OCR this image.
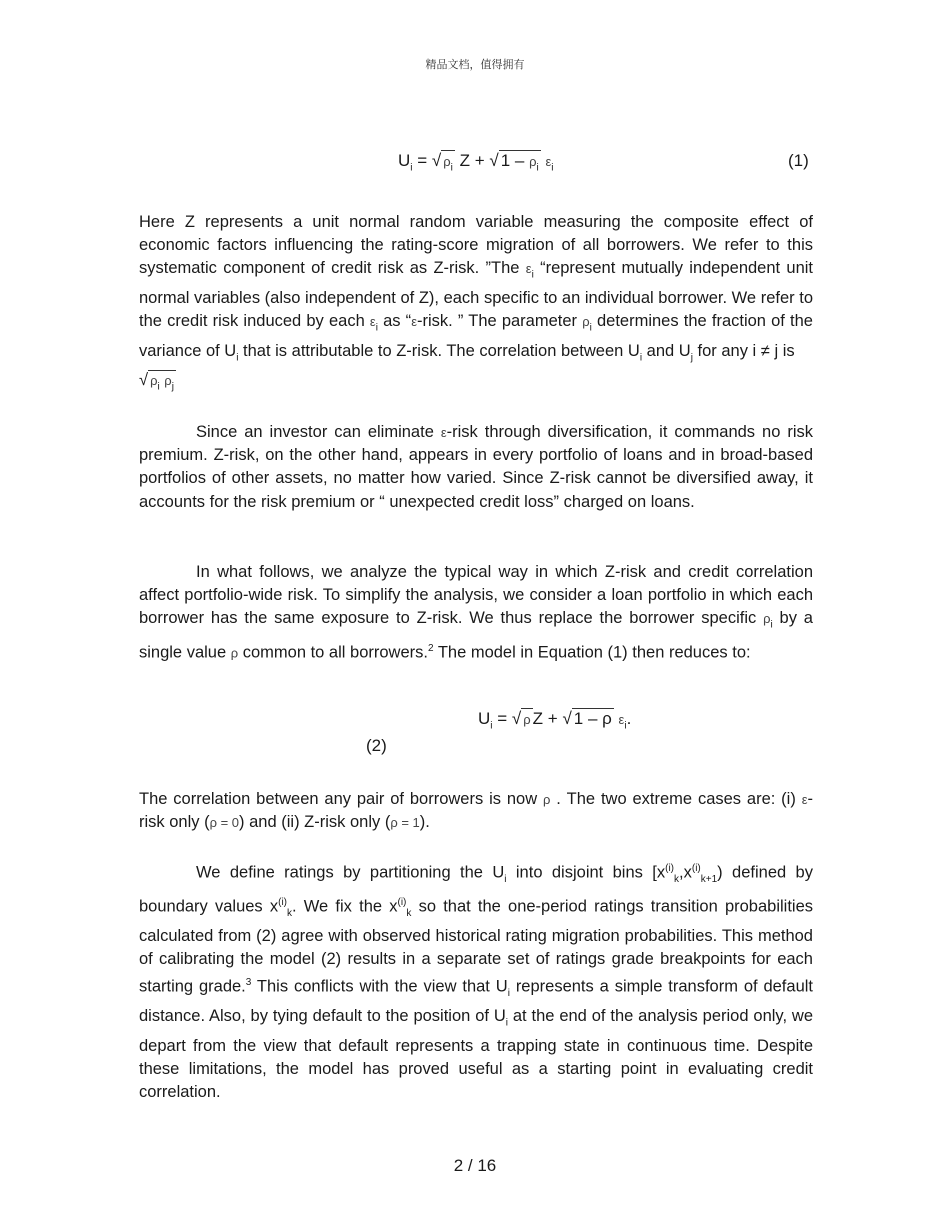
精品文档，值得拥有
$U_i$ = √ $\rho_i$ Z + √ $1 - \rho_i$ $\varepsilon_i$	(1)

Here Z represents a unit normal random variable measuring the composite effect of economic factors influencing the rating-score migration of all borrowers. We refer to this systematic component of credit risk as Z-risk. ”The $\varepsilon_i$ “represent mutually independent unit normal variables (also independent of Z), each specific to an individual borrower. We refer to the credit risk induced by each $\varepsilon_i$ as “ε-risk. ” The parameter $\rho_i$ determines the fraction of the variance of $U_i$ that is attributable to Z-risk. The correlation between $U_i$ and $U_j$ for any i ≠ j is

√ $\rho_i$ $\rho_j$

Since an investor can eliminate ε-risk through diversification, it commands no risk premium. Z-risk, on the other hand, appears in every portfolio of loans and in broad-based portfolios of other assets, no matter how varied. Since Z-risk cannot be diversified away, it accounts for the risk premium or “ unexpected credit loss” charged on loans.

In what follows, we analyze the typical way in which Z-risk and credit correlation affect portfolio-wide risk. To simplify the analysis, we consider a loan portfolio in which each borrower has the same exposure to Z-risk. We thus replace the borrower specific $\rho_i$ by a single value ρ common to all borrowers.$^2$ The model in Equation (1) then reduces to:

$U_i$ = √ ρ Z + √ 1 – ρ $\varepsilon_i$.
(2)

The correlation between any pair of borrowers is now ρ . The two extreme cases are: (i) ε-risk only (ρ = 0) and (ii) Z-risk only (ρ = 1).

We define ratings by partitioning the $U_i$ into disjoint bins $[x^{(i)}_k,x^{(i)}_{k+1})$ defined by boundary values $x^{(i)}_k$. We fix the $x^{(i)}_k$ so that the one-period ratings transition probabilities calculated from (2) agree with observed historical rating migration probabilities. This method of calibrating the model (2) results in a separate set of ratings grade breakpoints for each starting grade.$^3$ This conflicts with the view that $U_i$ represents a simple transform of default distance. Also, by tying default to the position of $U_i$ at the end of the analysis period only, we depart from the view that default represents a trapping state in continuous time. Despite these limitations, the model has proved useful as a starting point in evaluating credit correlation.

2 / 16
